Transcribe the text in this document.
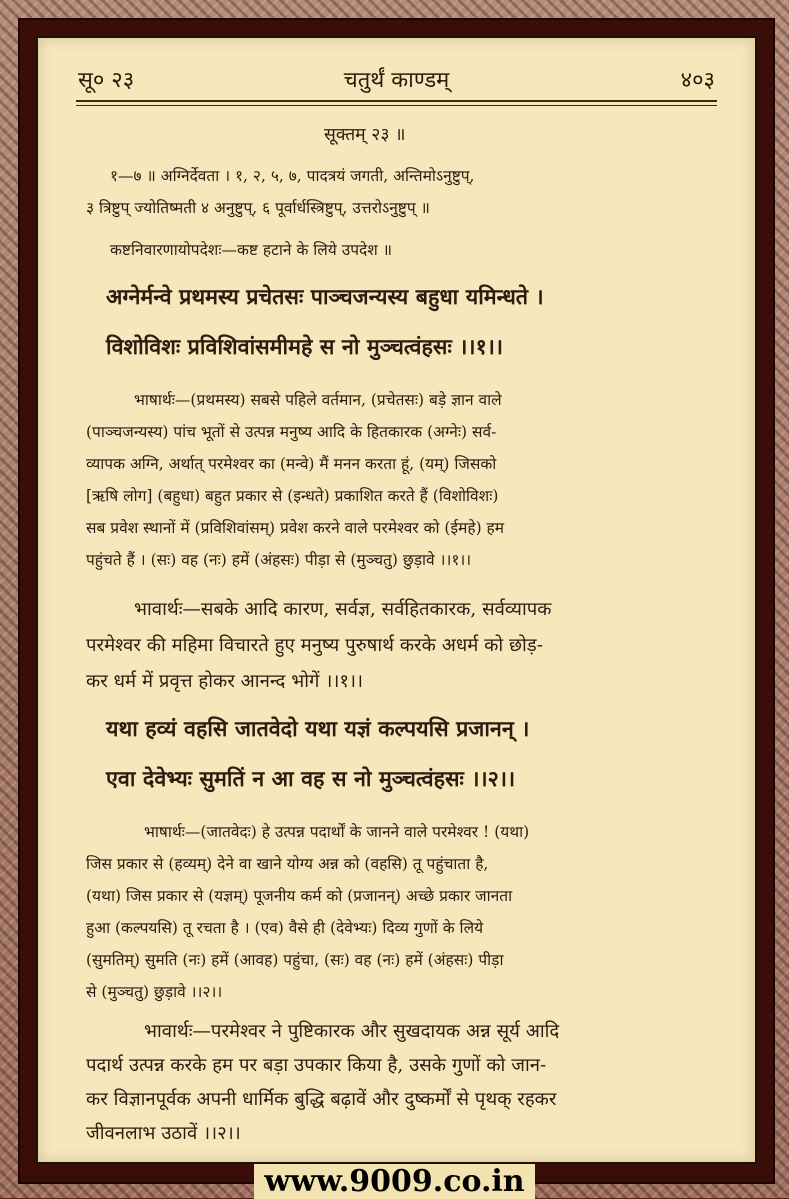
सू० २३	चतुर्थं काण्डम्	४०३
सूक्तम् २३ ॥
१—७ ॥ अग्निर्देवता । १, २, ५, ७, पादत्रयं जगती, अन्तिमोऽनुष्टुप्,
३ त्रिष्टुप् ज्योतिष्मती ४ अनुष्टुप्, ६ पूर्वार्धस्त्रिष्टुप्, उत्तरोऽनुष्टुप् ॥
कष्टनिवारणायोपदेशः—कष्ट हटाने के लिये उपदेश ॥
अग्नेर्मन्वे प्रथमस्य प्रचेतसः पाञ्चजन्यस्य बहुधा यमिन्धते ।
विशोविशः प्रविशिवांसमीमहे स नो मुञ्चत्वंहसः ।।१।।
भाषार्थः—(प्रथमस्य) सबसे पहिले वर्तमान, (प्रचेतसः) बड़े ज्ञान वाले
(पाञ्चजन्यस्य) पांच भूतों से उत्पन्न मनुष्य आदि के हितकारक (अग्नेः) सर्व-
व्यापक अग्नि, अर्थात् परमेश्वर का (मन्वे) मैं मनन करता हूं, (यम्) जिसको
[ऋषि लोग] (बहुधा) बहुत प्रकार से (इन्धते) प्रकाशित करते हैं (विशोविशः)
सब प्रवेश स्थानों में (प्रविशिवांसम्) प्रवेश करने वाले परमेश्वर को (ईमहे) हम
पहुंचते हैं । (सः) वह (नः) हमें (अंहसः) पीड़ा से (मुञ्चतु) छुड़ावे ।।१।।
भावार्थः—सबके आदि कारण, सर्वज्ञ, सर्वहितकारक, सर्वव्यापक
परमेश्वर की महिमा विचारते हुए मनुष्य पुरुषार्थ करके अधर्म को छोड़-
कर धर्म में प्रवृत्त होकर आनन्द भोगें ।।१।।
यथा हव्यं वहसि जातवेदो यथा यज्ञं कल्पयसि प्रजानन् ।
एवा देवेभ्यः सुमतिं न आ वह स नो मुञ्चत्वंहसः ।।२।।
भाषार्थः—(जातवेदः) हे उत्पन्न पदार्थों के जानने वाले परमेश्वर ! (यथा)
जिस प्रकार से (हव्यम्) देने वा खाने योग्य अन्न को (वहसि) तू पहुंचाता है,
(यथा) जिस प्रकार से (यज्ञम्) पूजनीय कर्म को (प्रजानन्) अच्छे प्रकार जानता
हुआ (कल्पयसि) तू रचता है । (एव) वैसे ही (देवेभ्यः) दिव्य गुणों के लिये
(सुमतिम्) सुमति (नः) हमें (आवह) पहुंचा, (सः) वह (नः) हमें (अंहसः) पीड़ा
से (मुञ्चतु) छुड़ावे ।।२।।
भावार्थः—परमेश्वर ने पुष्टिकारक और सुखदायक अन्न सूर्य आदि
पदार्थ उत्पन्न करके हम पर बड़ा उपकार किया है, उसके गुणों को जान-
कर विज्ञानपूर्वक अपनी धार्मिक बुद्धि बढ़ावें और दुष्कर्मों से पृथक् रहकर
जीवनलाभ उठावें ।।२।।
www.9009.co.in
